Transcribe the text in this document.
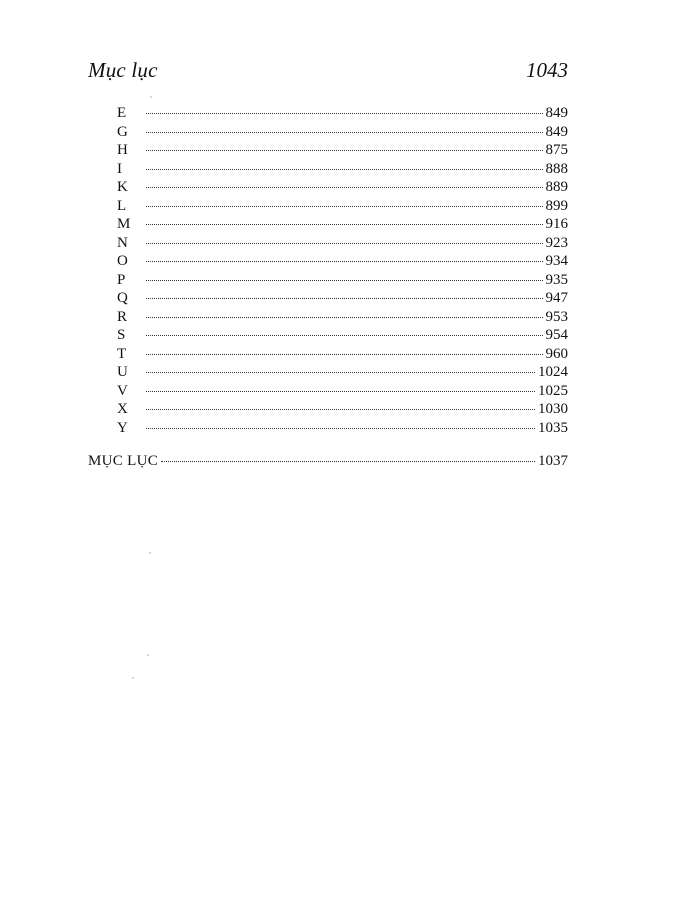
Mục lục	1043
E	849
G	849
H	875
I	888
K	889
L	899
M	916
N	923
O	934
P	935
Q	947
R	953
S	954
T	960
U	1024
V	1025
X	1030
Y	1035
MỤC LỤC	1037
